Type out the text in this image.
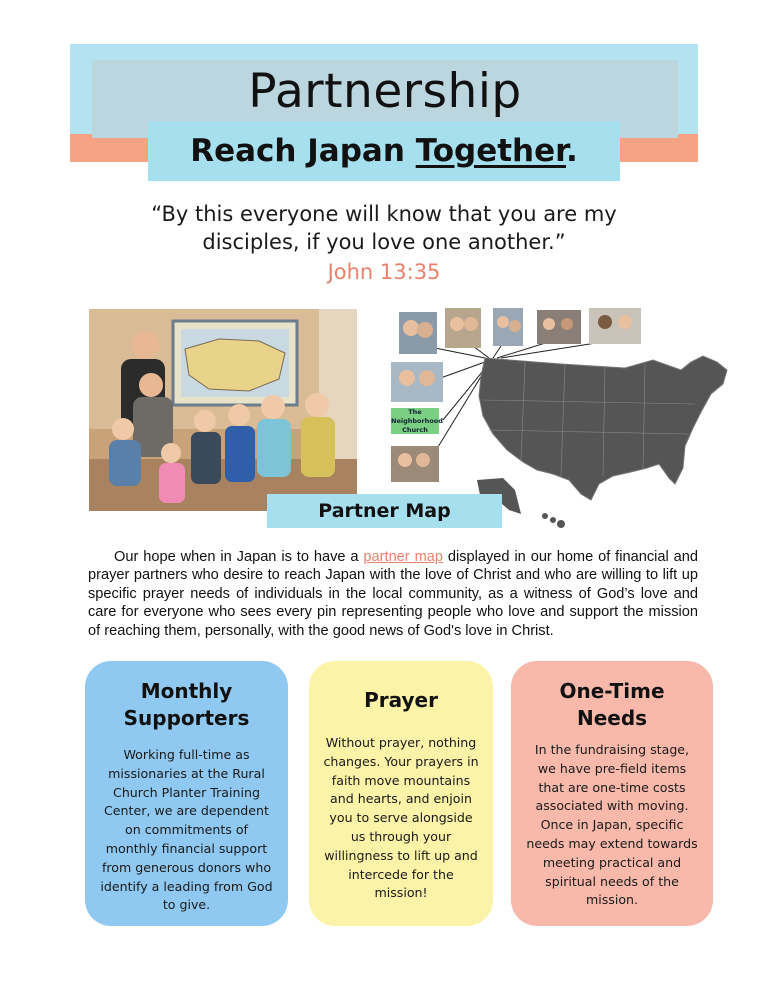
Partnership
Reach Japan Together.
“By this everyone will know that you are my
disciples, if you love one another.”
John 13:35
The Neighborhood Church
Partner Map
Our hope when in Japan is to have a partner map displayed in our home of financial and prayer partners who desire to reach Japan with the love of Christ and who are willing to lift up specific prayer needs of individuals in the local community, as a witness of God’s love and care for everyone who sees every pin representing people who love and support the mission of reaching them, personally, with the good news of God's love in Christ.
Monthly
Supporters
Working full-time as missionaries at the Rural Church Planter Training Center, we are dependent on commitments of monthly financial support from generous donors who identify a leading from God to give.
Prayer
Without prayer, nothing changes. Your prayers in faith move mountains and hearts, and enjoin you to serve alongside us through your willingness to lift up and intercede for the mission!
One-Time
Needs
In the fundraising stage, we have pre-field items that are one-time costs associated with moving. Once in Japan, specific needs may extend towards meeting practical and spiritual needs of the mission.
